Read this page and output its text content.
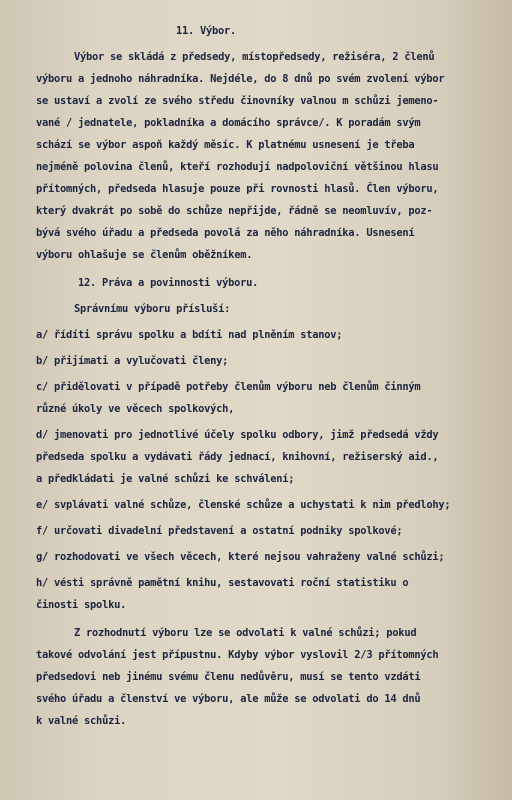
11. Výbor.
Výbor se skládá z předsedy, místopředsedy, režiséra, 2 členů
výboru a jednoho náhradníka. Nejdéle, do 8 dnů po svém zvolení výbor
se ustaví a zvolí ze svého středu činovníky valnou m schůzi jemeno-
vané / jednatele, pokladníka a domácího správce/. K poradám svým
schází se výbor aspoň každý měsíc. K platnému usnesení je třeba
nejméně polovina členů, kteří rozhodují nadpoloviční většinou hlasu
přítomných, předseda hlasuje pouze při rovnosti hlasů. Člen výboru,
který dvakrát po sobě do schůze nepřijde, řádně se neomluvív, poz-
bývá svého úřadu a předseda povolá za něho náhradníka. Usnesení
výboru ohlašuje se členům oběžníkem.
12. Práva a povinnosti výboru.
Správnímu výboru přísluší:
a/ řídíti správu spolku a bdíti nad plněním stanov;
b/ přijímati a vylučovati členy;
c/ přidělovati v případě potřeby členům výboru neb členům činným
různé úkoly ve věcech spolkových,
d/ jmenovati pro jednotlivé účely spolku odbory, jimž předsedá vždy
předseda spolku a vydávati řády jednací, knihovní, režiserský aid.,
a předkládati je valné schůzi ke schválení;
e/ svplávati valné schůze, členské schůze a uchystati k nim předlohy;
f/ určovati divadelní představení a ostatní podniky spolkové;
g/ rozhodovati ve všech věcech, které nejsou vahraženy valné schůzi;
h/ vésti správně pamětní knihu, sestavovati roční statistiku o
činosti spolku.
Z rozhodnutí výboru lze se odvolati k valné schůzi; pokud
takové odvolání jest přípustnu. Kdyby výbor vyslovil 2/3 přítomných
předsedovi neb jinému svému členu nedůvěru, musí se tento vzdáti
svého úřadu a členství ve výboru, ale může se odvolati do 14 dnů
k valné schůzi.
